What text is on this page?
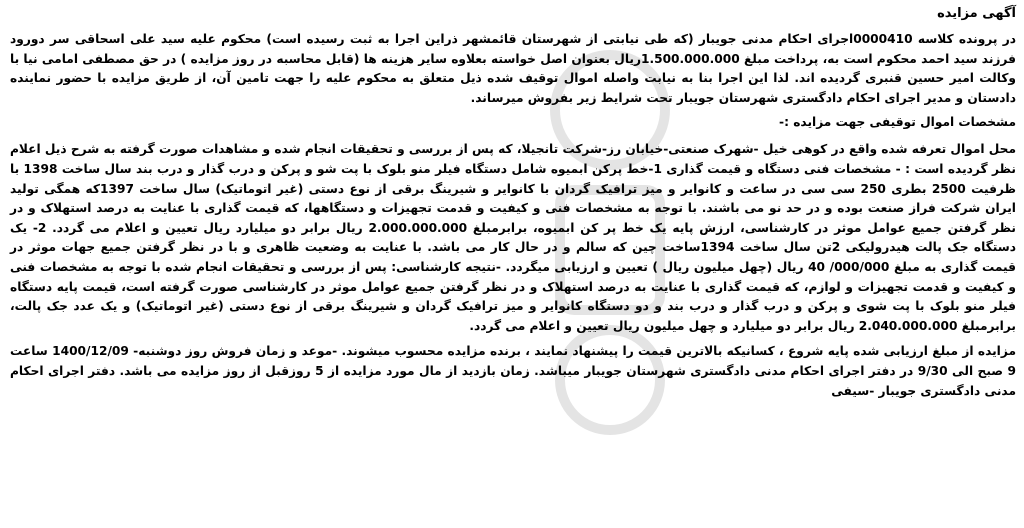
آگهی مزایده

در پرونده کلاسه 0000410اجرای احکام مدنی جویبار (که طی نیابتی از شهرستان قائمشهر ذراین اجرا به ثبت رسیده است) محکوم علیه سید علی اسحاقی سر دورود فرزند سید احمد محکوم است به، پرداخت مبلغ 1.500.000.000ریال بعنوان اصل خواسته بعلاوه سایر هزینه ها (قابل محاسبه در روز مزایده ) در حق مصطفی امامی نیا با وکالت امیر حسین قنبری گردیده اند. لذا این اجرا بنا به نیابت واصله اموال توقیف شده ذیل متعلق به محکوم علیه را جهت تامین آن، از طریق مزایده با حضور نماینده دادستان و مدیر اجرای احکام دادگستری شهرستان جویبار تحت شرایط زیر بفروش میرساند.

مشخصات اموال توقیفی جهت مزایده :-

محل اموال تعرفه شده واقع در کوهی خیل -شهرک صنعتی-خیابان رز-شرکت تانجیلا، که پس از بررسی و تحقیقات انجام شده و مشاهدات صورت گرفته به شرح ذیل اعلام نظر گردیده است : - مشخصات فنی دستگاه و قیمت گذاری 1-خط پرکن ابمیوه شامل دستگاه فیلر منو بلوک با پت شو و پرکن و درب گذار و درب بند سال ساخت 1398 با ظرفیت 2500 بطری 250 سی سی در ساعت و کانوایر و میز ترافیک گردان با کانوایر و شیرینگ برقی از نوع دستی (غیر اتوماتیک) سال ساخت 1397که همگی تولید ایران شرکت فراز صنعت بوده و در حد نو می باشند. با توجه به مشخصات فنی و کیفیت و قدمت تجهیزات و دستگاهها، که قیمت گذاری با عنایت به درصد استهلاک و در نظر گرفتن جمیع عوامل موثر در کارشناسی، ارزش پایه یک خط پر کن ابمیوه، برابرمبلغ 2.000.000.000 ریال برابر دو میلیارد ریال تعیین و اعلام می گردد. 2- یک دستگاه جک پالت هیدرولیکی 2تن سال ساخت 1394ساخت چین که سالم و در حال کار می باشد. با عنایت به وضعیت ظاهری و با در نظر گرفتن جمیع جهات موثر در قیمت گذاری به مبلغ 000/000/ 40 ریال (چهل میلیون ریال ) تعیین و ارزیابی میگردد. -نتیجه کارشناسی: پس از بررسی و تحقیقات انجام شده با توجه به مشخصات فنی و کیفیت و قدمت تجهیزات و لوازم، که قیمت گذاری با عنایت به درصد استهلاک و در نظر گرفتن جمیع عوامل موثر در کارشناسی صورت گرفته است، قیمت پایه دستگاه فیلر منو بلوک با پت شوی و پرکن و درب گذار و درب بند و دو دستگاه کانوایر و میز ترافیک گردان و شیرینگ برقی از نوع دستی (غیر اتوماتیک) و یک عدد جک پالت، برابرمبلغ 2.040.000.000 ریال برابر دو میلیارد و چهل میلیون ریال تعیین و اعلام می گردد.

مزایده از مبلغ ارزیابی شده پایه شروع ، کسانیکه بالاترین قیمت را پیشنهاد نمایند ، برنده مزایده محسوب میشوند. -موعد و زمان فروش روز دوشنبه- 1400/12/09 ساعت 9 صبح الی 9/30 در دفتر اجرای احکام مدنی دادگستری شهرستان جویبار میباشد. زمان بازدید از مال مورد مزایده از 5 روزقبل از روز مزایده می باشد. دفتر اجرای احکام مدنی دادگستری جویبار -سیفی
